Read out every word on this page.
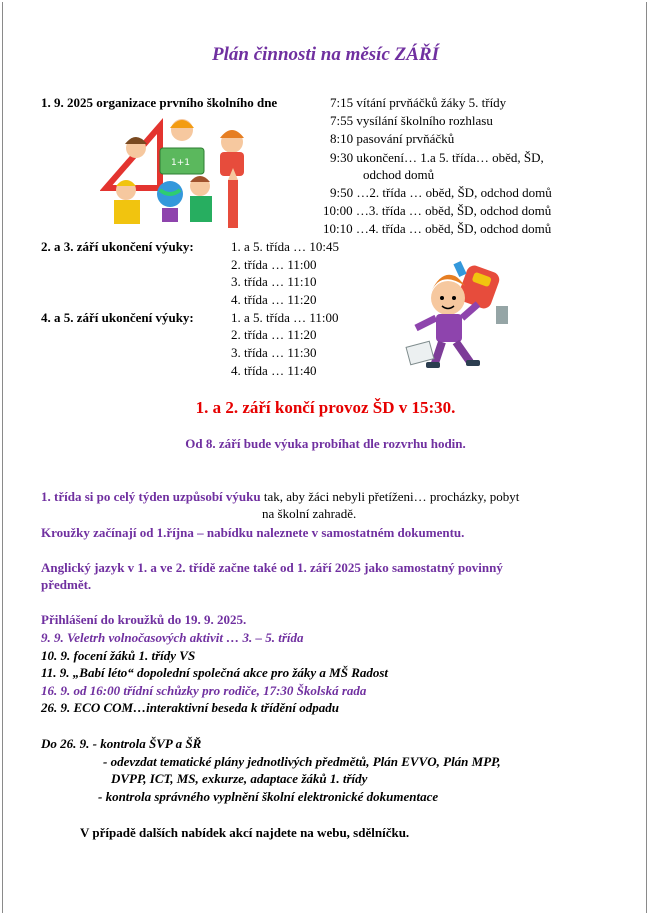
Plán činnosti na měsíc ZÁŘÍ
1. 9. 2025 organizace prvního školního dne	7:15 vítání prvňáčků žáky 5. třídy
7:55 vysílání školního rozhlasu
8:10 pasování prvňáčků
9:30 ukončení… 1.a 5. třída… oběd, ŠD,
odchod domů
9:50 …2. třída … oběd, ŠD, odchod domů
10:00 …3. třída … oběd, ŠD, odchod domů
10:10 …4. třída … oběd, ŠD, odchod domů
1+1
2. a 3. září ukončení výuky:	1. a 5. třída … 10:45
2. třída … 11:00
3. třída … 11:10
4. třída … 11:20
4. a 5. září ukončení výuky:	1. a 5. třída … 11:00
2. třída … 11:20
3. třída … 11:30
4. třída … 11:40
1. a 2. září končí provoz ŠD v 15:30.
Od 8. září bude výuka probíhat dle rozvrhu hodin.
1. třída si po celý týden uzpůsobí výuku tak, aby žáci nebyli přetíženi… procházky, pobyt
na školní zahradě.
Kroužky začínají od 1.října – nabídku naleznete v samostatném dokumentu.
Anglický jazyk v 1. a ve 2. třídě začne také od 1. září 2025 jako samostatný povinný
předmět.
Přihlášení do kroužků do 19. 9. 2025.
9. 9. Veletrh volnočasových aktivit … 3. – 5. třída
10. 9. focení žáků 1. třídy VS
11. 9. „Babí léto“ dopolední společná akce pro žáky a MŠ Radost
16. 9. od 16:00 třídní schůzky pro rodiče, 17:30 Školská rada
26. 9. ECO COM…interaktivní beseda k třídění odpadu
Do 26. 9. - kontrola ŠVP a ŠŘ
- odevzdat tematické plány jednotlivých předmětů, Plán EVVO, Plán MPP,
DVPP, ICT, MS, exkurze, adaptace žáků 1. třídy
- kontrola správného vyplnění školní elektronické dokumentace
V případě dalších nabídek akcí najdete na webu, sdělníčku.
